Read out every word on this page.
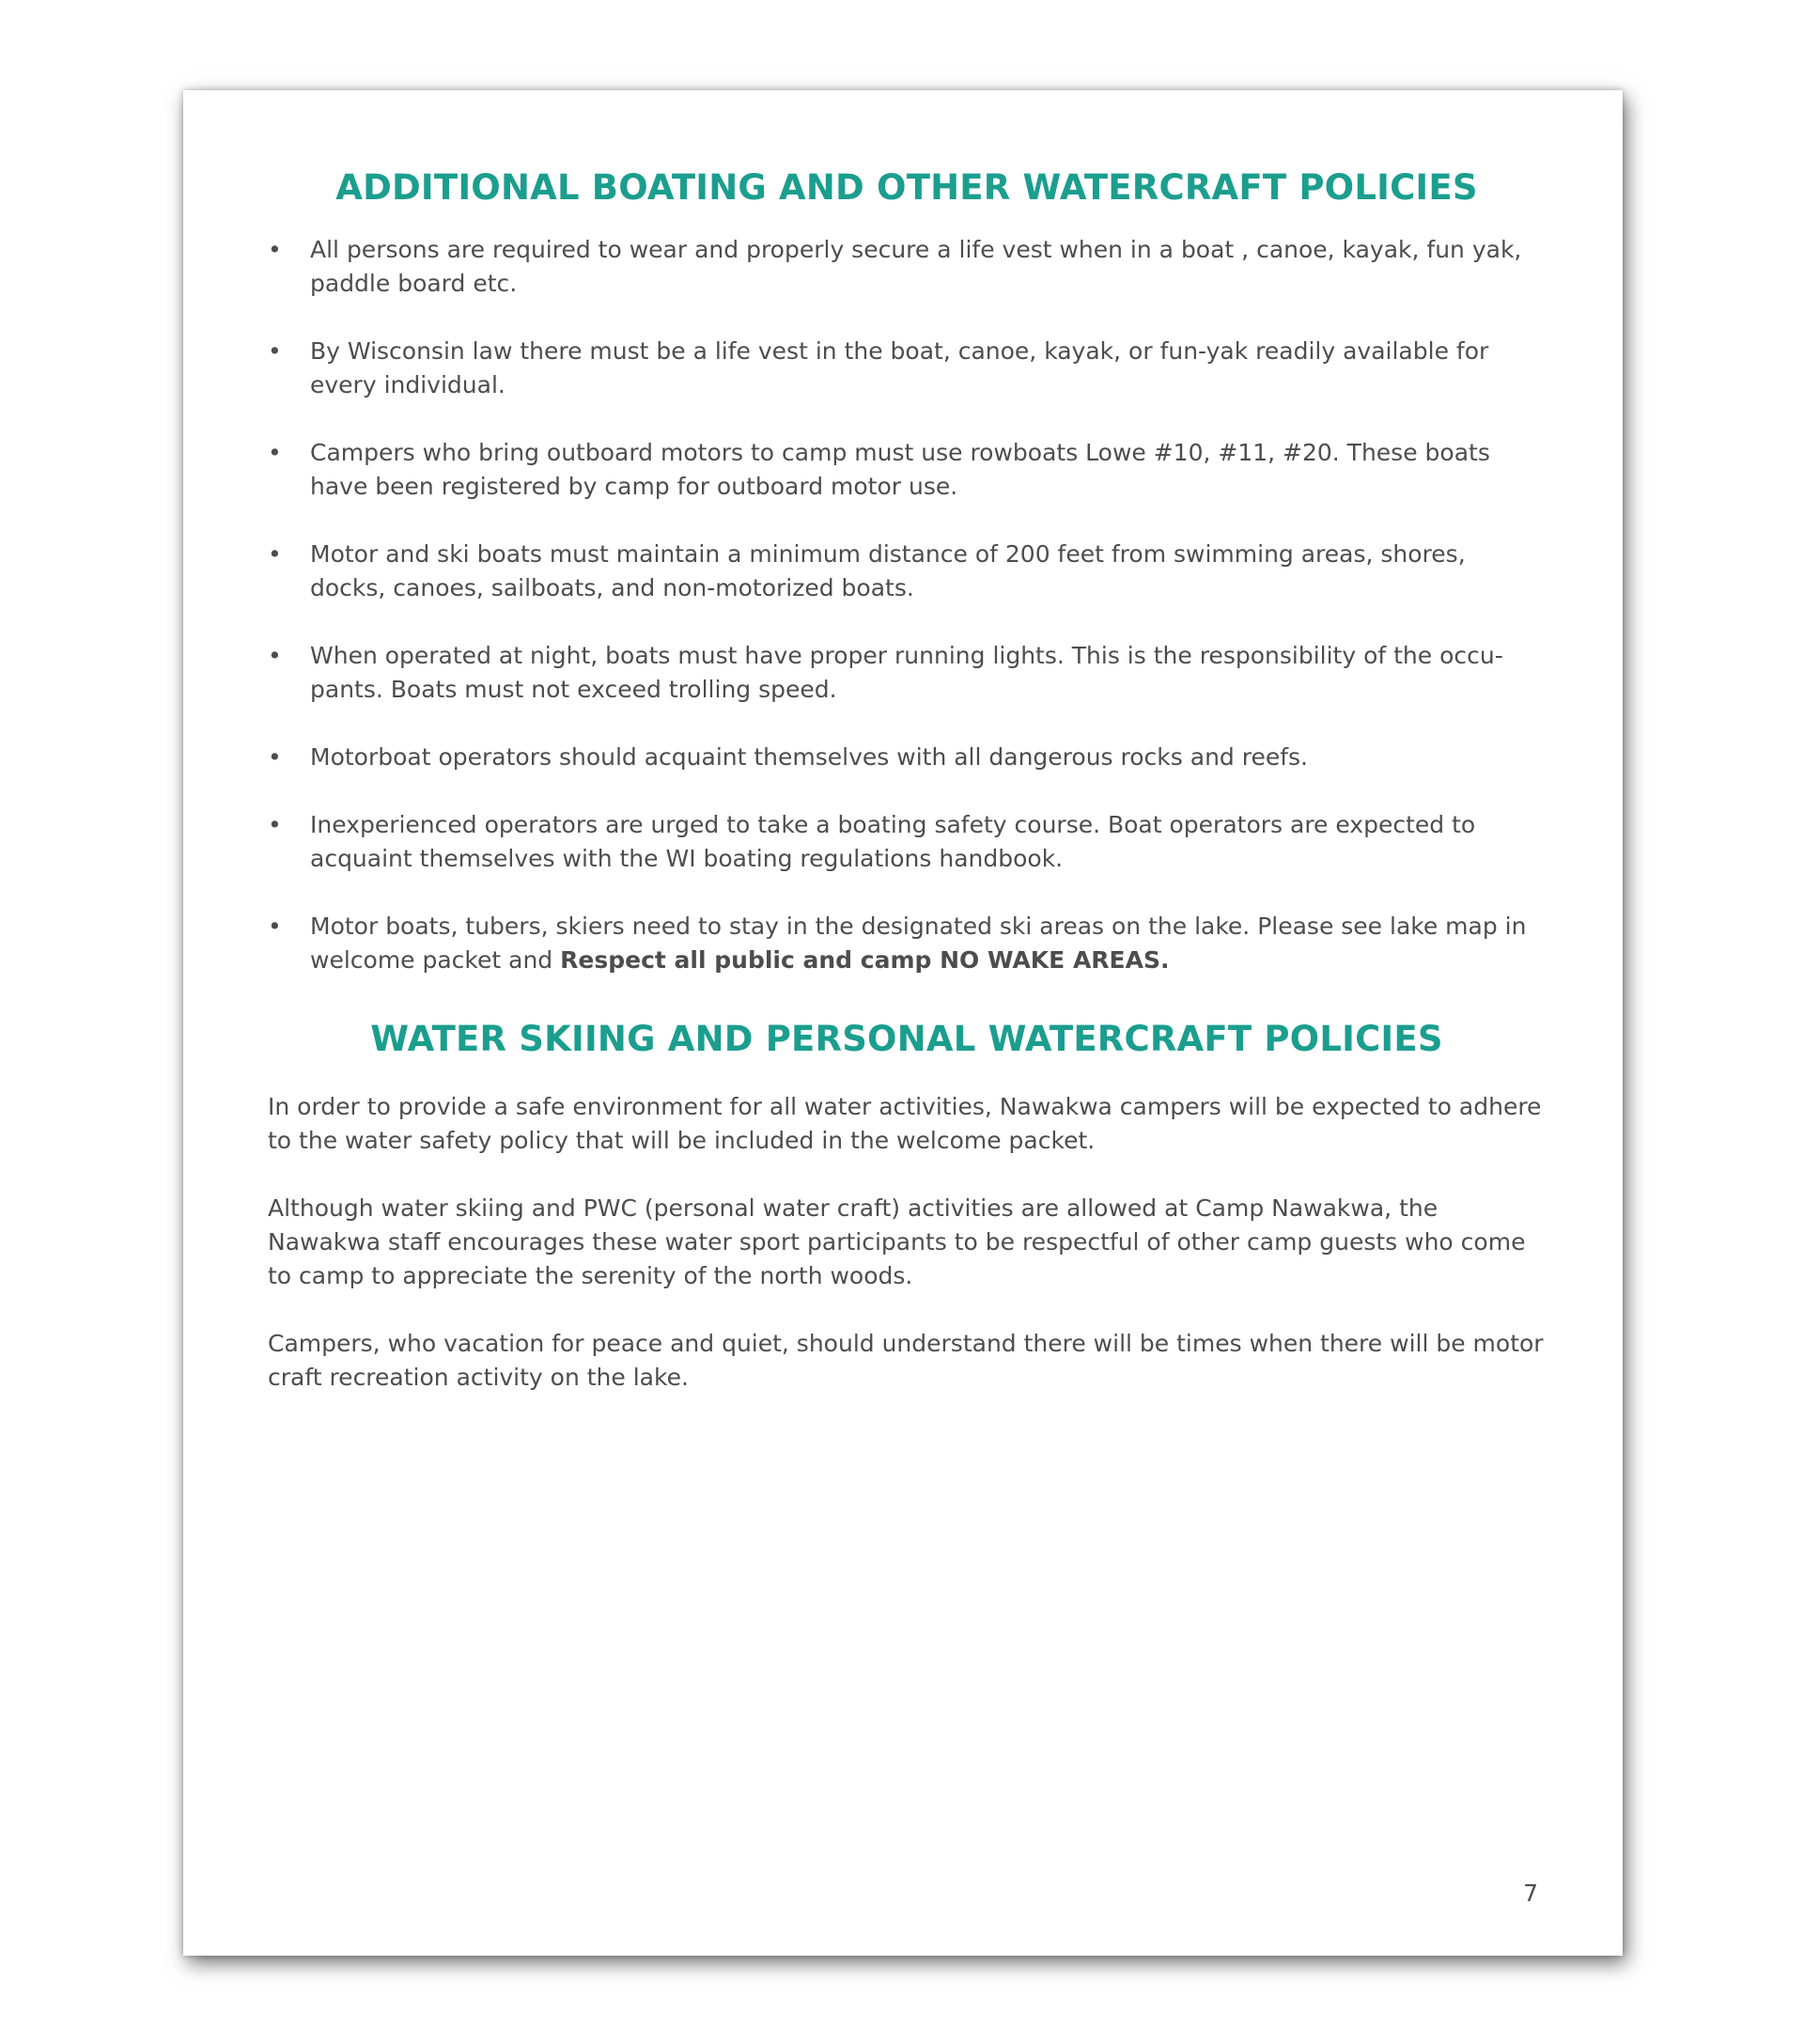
ADDITIONAL BOATING AND OTHER WATERCRAFT POLICIES
• All persons are required to wear and properly secure a life vest when in a boat , canoe, kayak, fun yak, paddle board etc.
• By Wisconsin law there must be a life vest in the boat, canoe, kayak, or fun-yak readily available for every individual.
• Campers who bring outboard motors to camp must use rowboats Lowe #10, #11, #20. These boats have been registered by camp for outboard motor use.
• Motor and ski boats must maintain a minimum distance of 200 feet from swimming areas, shores, docks, canoes, sailboats, and non-motorized boats.
• When operated at night, boats must have proper running lights. This is the responsibility of the occu-pants. Boats must not exceed trolling speed.
• Motorboat operators should acquaint themselves with all dangerous rocks and reefs.
• Inexperienced operators are urged to take a boating safety course. Boat operators are expected to acquaint themselves with the WI boating regulations handbook.
• Motor boats, tubers, skiers need to stay in the designated ski areas on the lake. Please see lake map in welcome packet and Respect all public and camp NO WAKE AREAS.
WATER SKIING AND PERSONAL WATERCRAFT POLICIES

In order to provide a safe environment for all water activities, Nawakwa campers will be expected to adhere to the water safety policy that will be included in the welcome packet.

Although water skiing and PWC (personal water craft) activities are allowed at Camp Nawakwa, the Nawakwa staff encourages these water sport participants to be respectful of other camp guests who come to camp to appreciate the serenity of the north woods.

Campers, who vacation for peace and quiet, should understand there will be times when there will be motor craft recreation activity on the lake.

7
